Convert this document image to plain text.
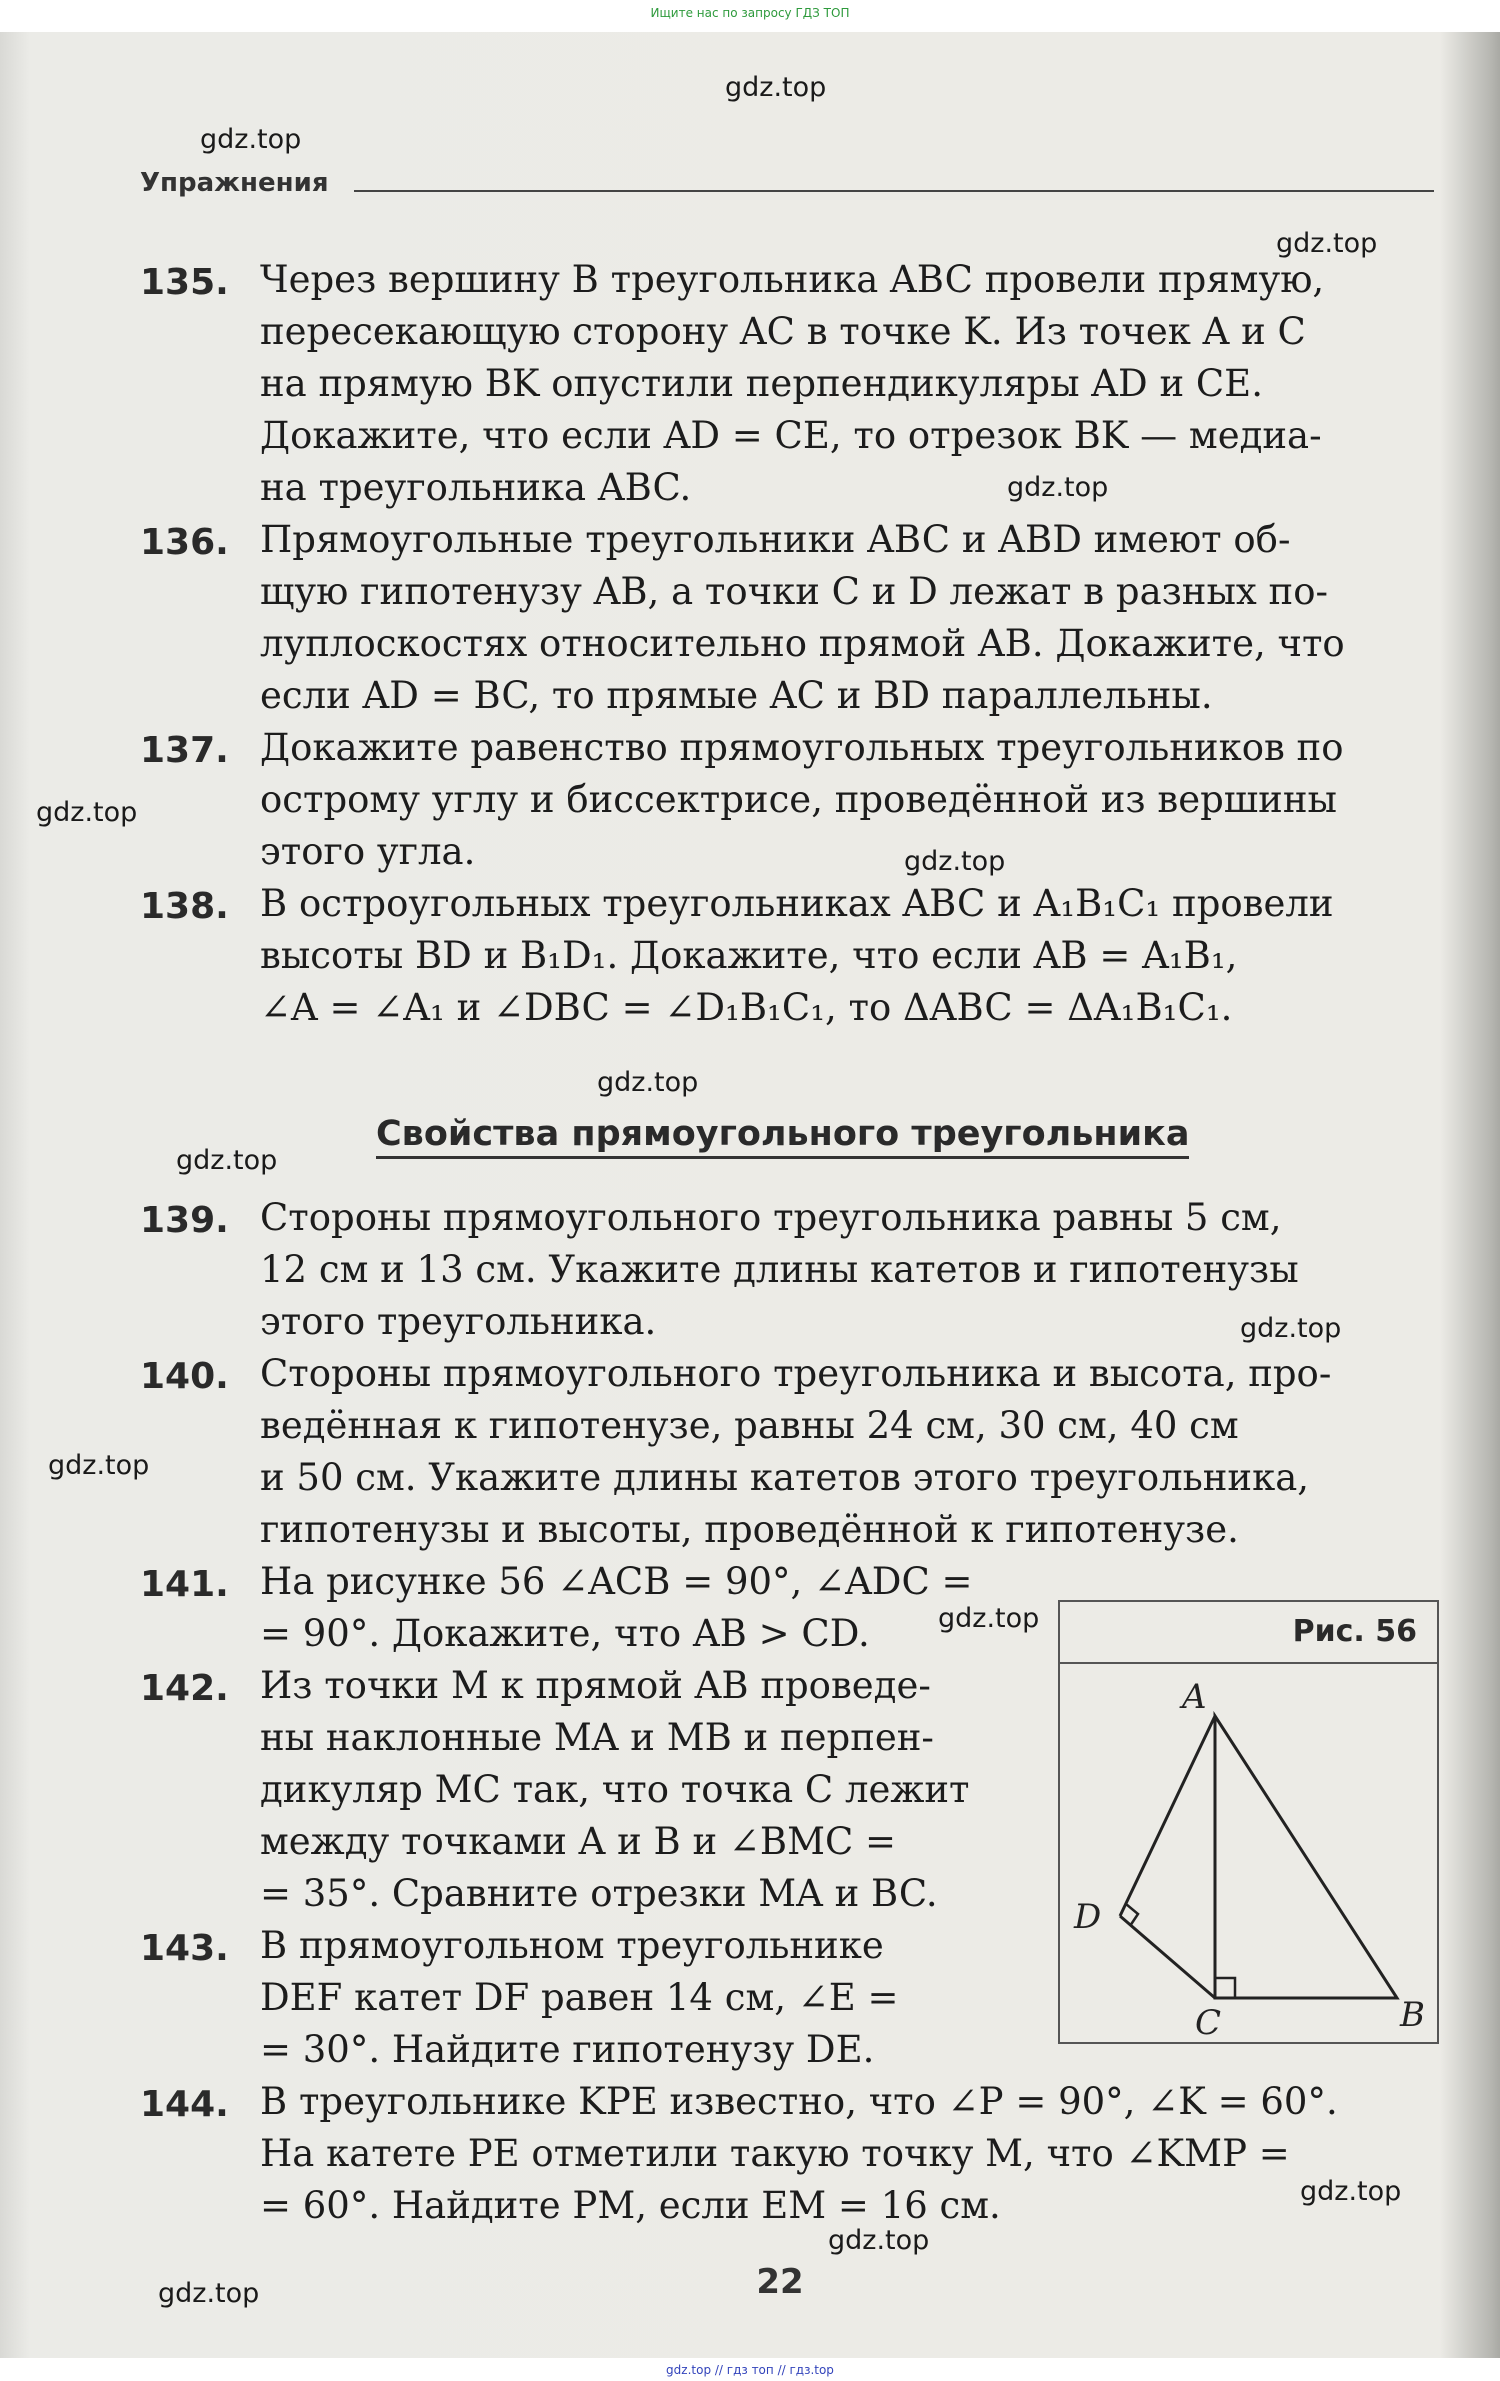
Ищите нас по запросу ГДЗ ТОП
gdz.top
gdz.top
gdz.top
gdz.top
gdz.top
gdz.top
gdz.top
gdz.top
gdz.top
gdz.top
gdz.top
gdz.top
gdz.top
gdz.top
Упражнения
135. Через вершину B треугольника ABC провели прямую,
пересекающую сторону AC в точке K. Из точек A и C
на прямую BK опустили перпендикуляры AD и CE.
Докажите, что если AD = CE, то отрезок BK — медиа-
на треугольника ABC.
136. Прямоугольные треугольники ABC и ABD имеют об-
щую гипотенузу AB, а точки C и D лежат в разных по-
луплоскостях относительно прямой AB. Докажите, что
если AD = BC, то прямые AC и BD параллельны.
137. Докажите равенство прямоугольных треугольников по
острому углу и биссектрисе, проведённой из вершины
этого угла.
138. В остроугольных треугольниках ABC и A₁B₁C₁ провели
высоты BD и B₁D₁. Докажите, что если AB = A₁B₁,
∠A = ∠A₁ и ∠DBC = ∠D₁B₁C₁, то ΔABC = ΔA₁B₁C₁.
Свойства прямоугольного треугольника
139. Стороны прямоугольного треугольника равны 5 см,
12 см и 13 см. Укажите длины катетов и гипотенузы
этого треугольника.
140. Стороны прямоугольного треугольника и высота, про-
ведённая к гипотенузе, равны 24 см, 30 см, 40 см
и 50 см. Укажите длины катетов этого треугольника,
гипотенузы и высоты, проведённой к гипотенузе.
141. На рисунке 56 ∠ACB = 90°, ∠ADC =
= 90°. Докажите, что AB > CD.
142. Из точки M к прямой AB проведе-
ны наклонные MA и MB и перпен-
дикуляр MC так, что точка C лежит
между точками A и B и ∠BMC =
= 35°. Сравните отрезки MA и BC.
143. В прямоугольном треугольнике
DEF катет DF равен 14 см, ∠E =
= 30°. Найдите гипотенузу DE.
144. В треугольнике KPE известно, что ∠P = 90°, ∠K = 60°.
На катете PE отметили такую точку M, что ∠KMP =
= 60°. Найдите PM, если EM = 16 см.
Рис. 56
A
B
C
D
22
gdz.top // гдз топ // гдз.top
